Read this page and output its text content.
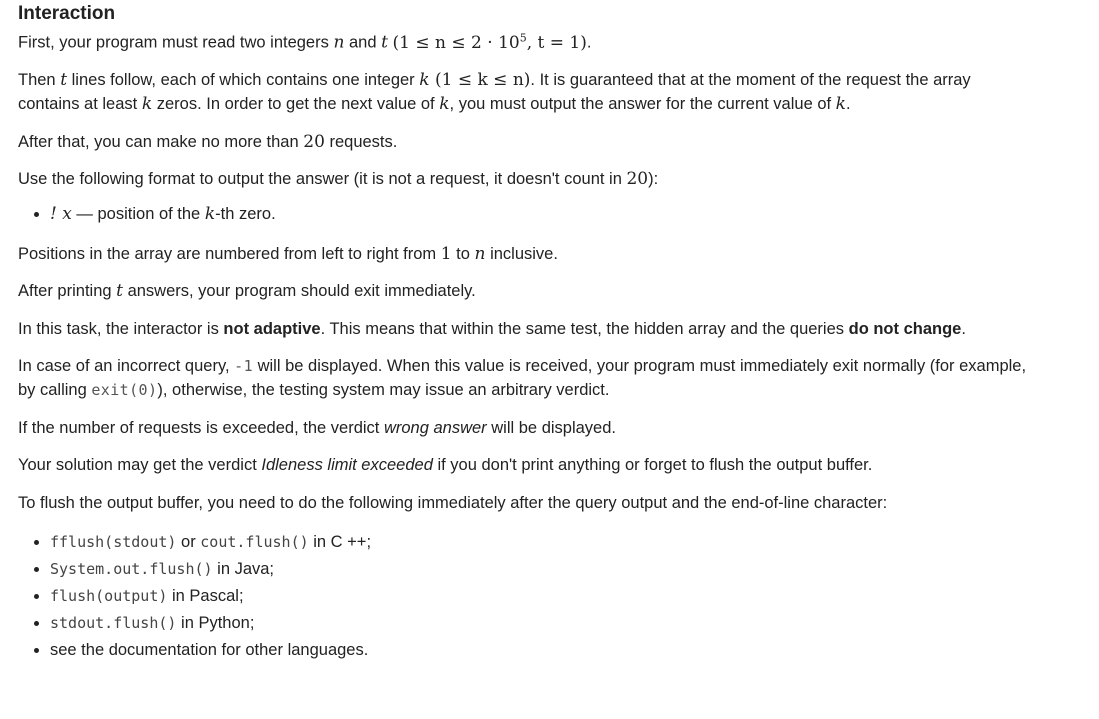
Interaction

First, your program must read two integers n and t ($1 \le n \le 2 \cdot 10^5$, t = 1).

Then t lines follow, each of which contains one integer k (1 ≤ k ≤ n). It is guaranteed that at the moment of the request the array
contains at least k zeros. In order to get the next value of k, you must output the answer for the current value of k.

After that, you can make no more than 20 requests.

Use the following format to output the answer (it is not a request, it doesn't count in 20):

• ! x — position of the k-th zero.

Positions in the array are numbered from left to right from 1 to n inclusive.

After printing t answers, your program should exit immediately.

In this task, the interactor is not adaptive. This means that within the same test, the hidden array and the queries do not change.

In case of an incorrect query, -1 will be displayed. When this value is received, your program must immediately exit normally (for example,
by calling exit(0)), otherwise, the testing system may issue an arbitrary verdict.

If the number of requests is exceeded, the verdict wrong answer will be displayed.

Your solution may get the verdict Idleness limit exceeded if you don't print anything or forget to flush the output buffer.

To flush the output buffer, you need to do the following immediately after the query output and the end-of-line character:

• fflush(stdout) or cout.flush() in C ++;
• System.out.flush() in Java;
• flush(output) in Pascal;
• stdout.flush() in Python;
• see the documentation for other languages.
